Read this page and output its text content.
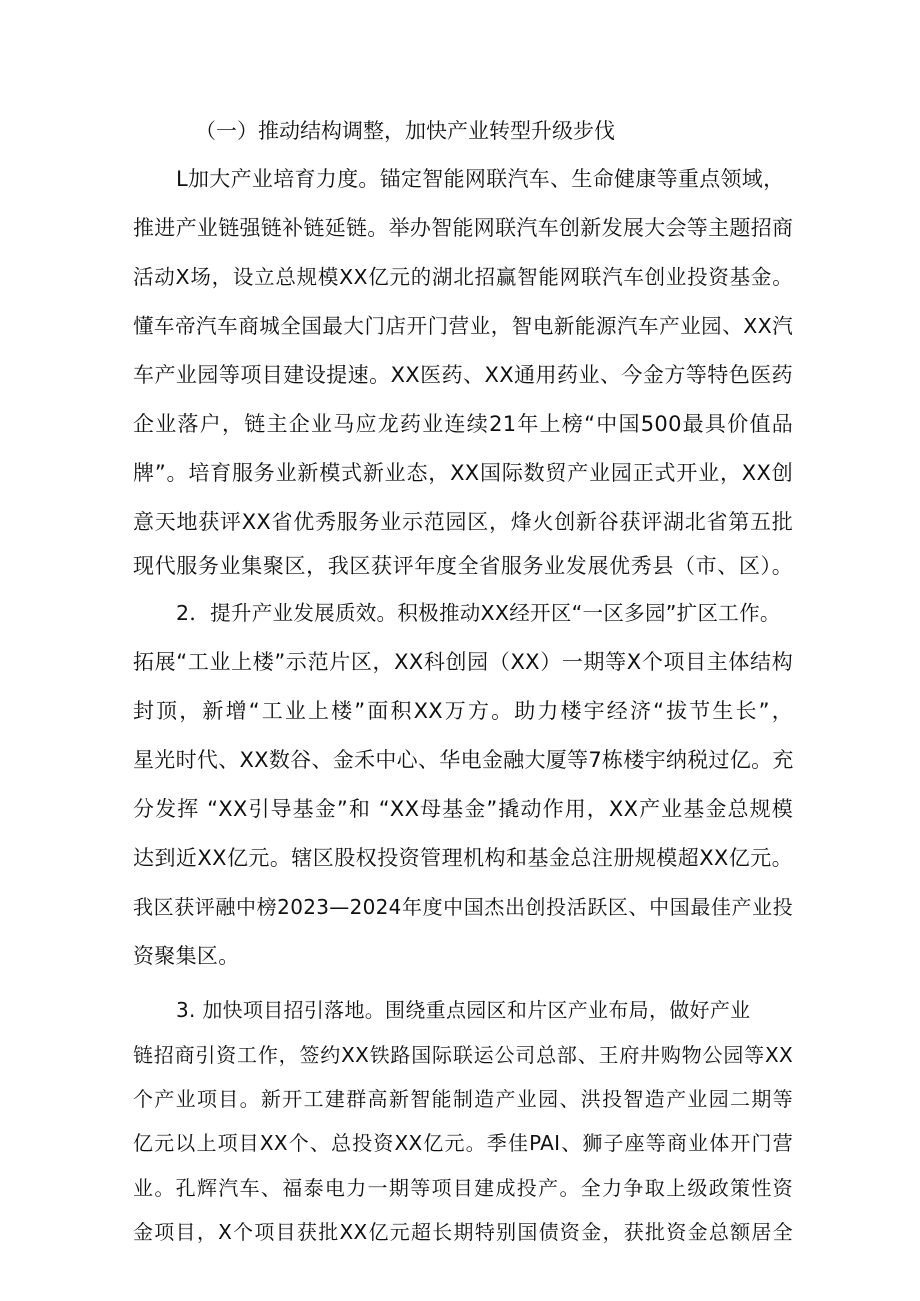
（一）推动结构调整，加快产业转型升级步伐
L加大产业培育力度。锚定智能网联汽车、生命健康等重点领域，
推进产业链强链补链延链。举办智能网联汽车创新发展大会等主题招商
活动X场，设立总规模XX亿元的湖北招赢智能网联汽车创业投资基金。
懂车帝汽车商城全国最大门店开门营业，智电新能源汽车产业园、XX汽
车产业园等项目建设提速。XX医药、XX通用药业、今金方等特色医药
企业落户，链主企业马应龙药业连续21年上榜“中国500最具价值品
牌”。培育服务业新模式新业态，XX国际数贸产业园正式开业，XX创
意天地获评XX省优秀服务业示范园区，烽火创新谷获评湖北省第五批
现代服务业集聚区，我区获评年度全省服务业发展优秀县（市、区）。
2．提升产业发展质效。积极推动XX经开区“一区多园”扩区工作。
拓展“工业上楼”示范片区，XX科创园（XX）一期等X个项目主体结构
封顶，新增“工业上楼”面积XX万方。助力楼宇经济“拔节生长”，
星光时代、XX数谷、金禾中心、华电金融大厦等7栋楼宇纳税过亿。充
分发挥 “XX引导基金”和 “XX母基金”撬动作用，XX产业基金总规模
达到近XX亿元。辖区股权投资管理机构和基金总注册规模超XX亿元。
我区获评融中榜2023—2024年度中国杰出创投活跃区、中国最佳产业投
资聚集区。
3. 加快项目招引落地。围绕重点园区和片区产业布局，做好产业
链招商引资工作，签约XX铁路国际联运公司总部、王府井购物公园等XX
个产业项目。新开工建群高新智能制造产业园、洪投智造产业园二期等
亿元以上项目XX个、总投资XX亿元。季佳PAI、狮子座等商业体开门营
业。孔辉汽车、福泰电力一期等项目建成投产。全力争取上级政策性资
金项目，X个项目获批XX亿元超长期特别国债资金，获批资金总额居全
